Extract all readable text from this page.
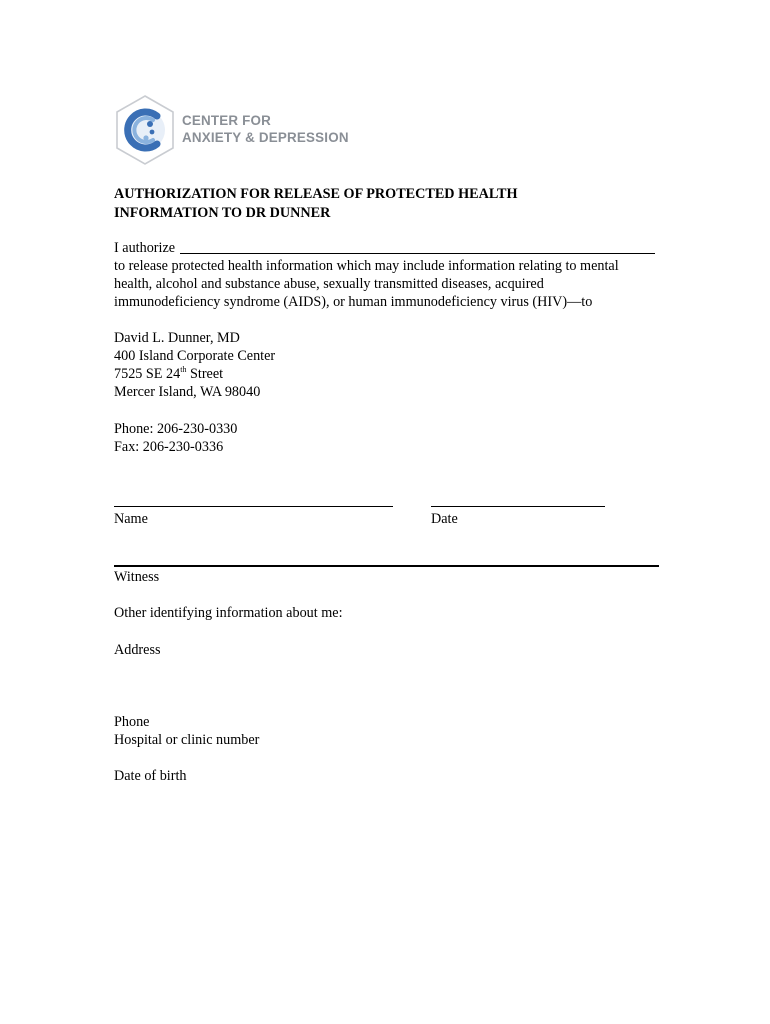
CENTER FOR
ANXIETY & DEPRESSION
AUTHORIZATION FOR RELEASE OF PROTECTED HEALTH
INFORMATION TO DR DUNNER
I authorize
to release protected health information which may include information relating to mental
health, alcohol and substance abuse, sexually transmitted diseases, acquired
immunodeficiency syndrome (AIDS), or human immunodeficiency virus (HIV)—to
David L. Dunner, MD
400 Island Corporate Center
7525 SE 24th Street
Mercer Island, WA 98040
Phone: 206-230-0330
Fax: 206-230-0336
Name	Date
Witness
Other identifying information about me:
Address
Phone
Hospital or clinic number
Date of birth
